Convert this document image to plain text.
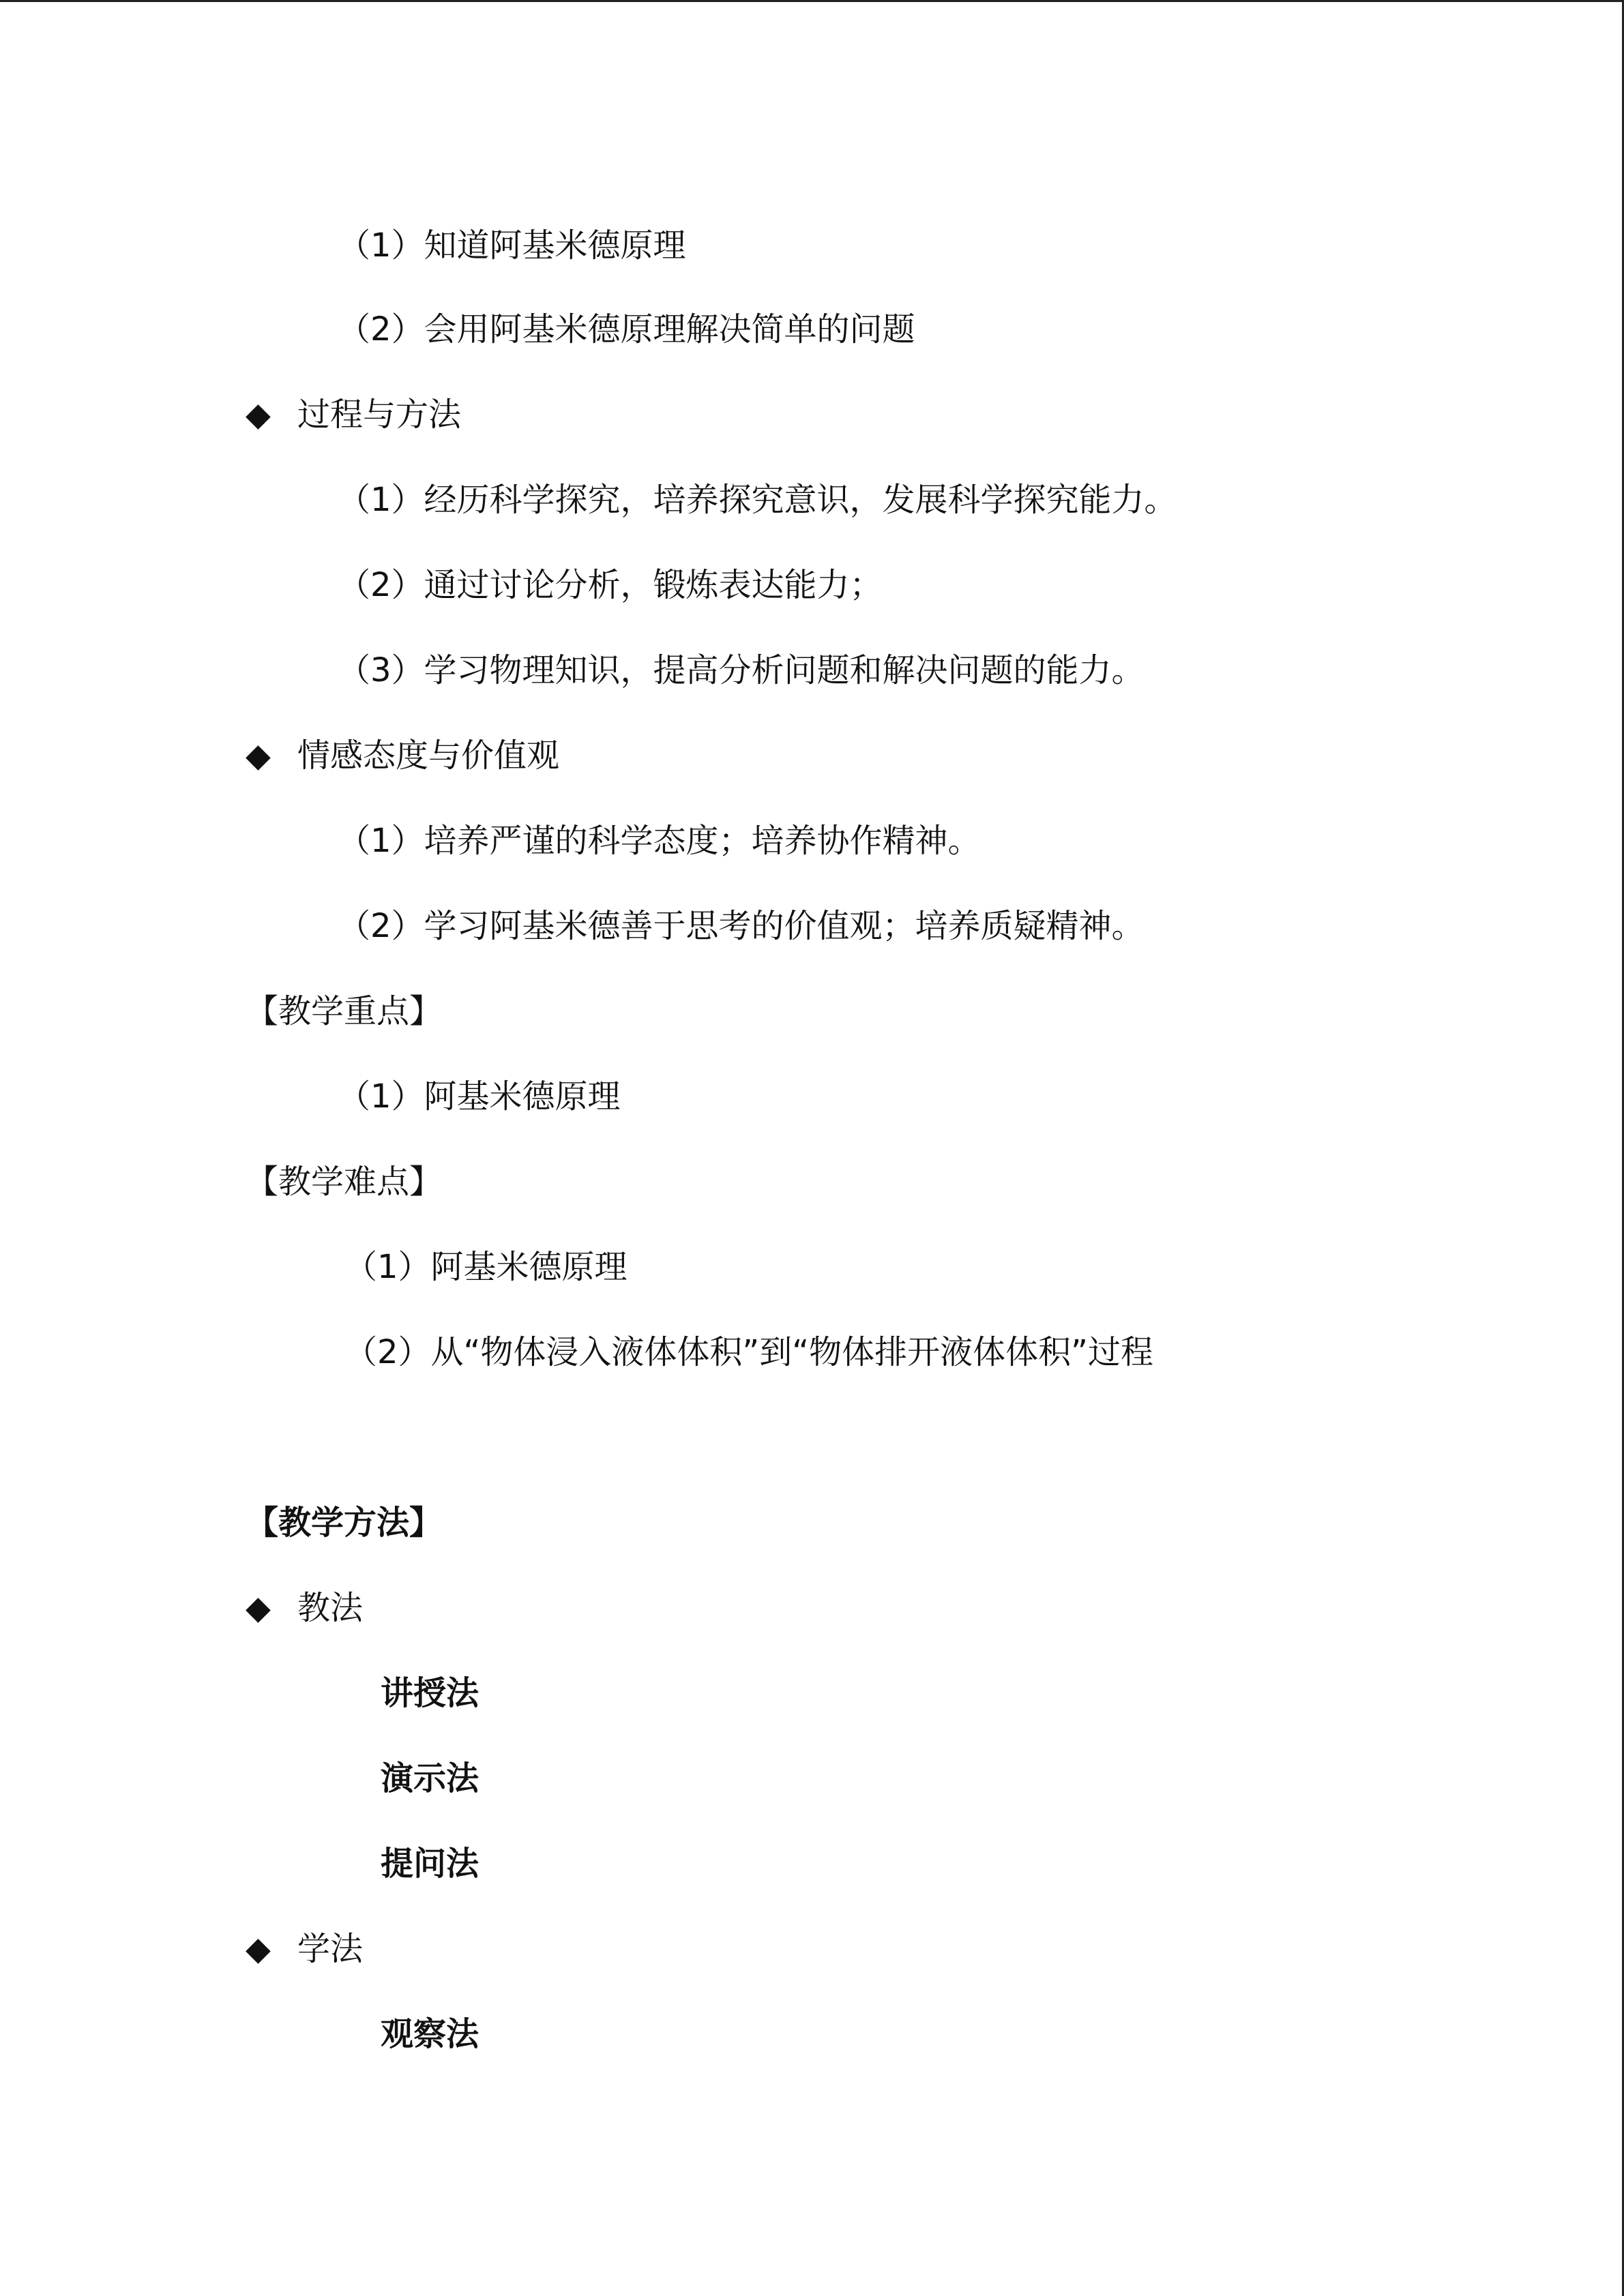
（1）知道阿基米德原理
（2）会用阿基米德原理解决简单的问题
◆ 过程与方法
（1）经历科学探究，培养探究意识，发展科学探究能力。
（2）通过讨论分析，锻炼表达能力；
（3）学习物理知识，提高分析问题和解决问题的能力。
◆ 情感态度与价值观
（1）培养严谨的科学态度；培养协作精神。
（2）学习阿基米德善于思考的价值观；培养质疑精神。
【教学重点】
（1）阿基米德原理
【教学难点】
（1）阿基米德原理
（2）从“物体浸入液体体积”到“物体排开液体体积”过程
【教学方法】
◆ 教法
讲授法
演示法
提问法
◆ 学法
观察法
